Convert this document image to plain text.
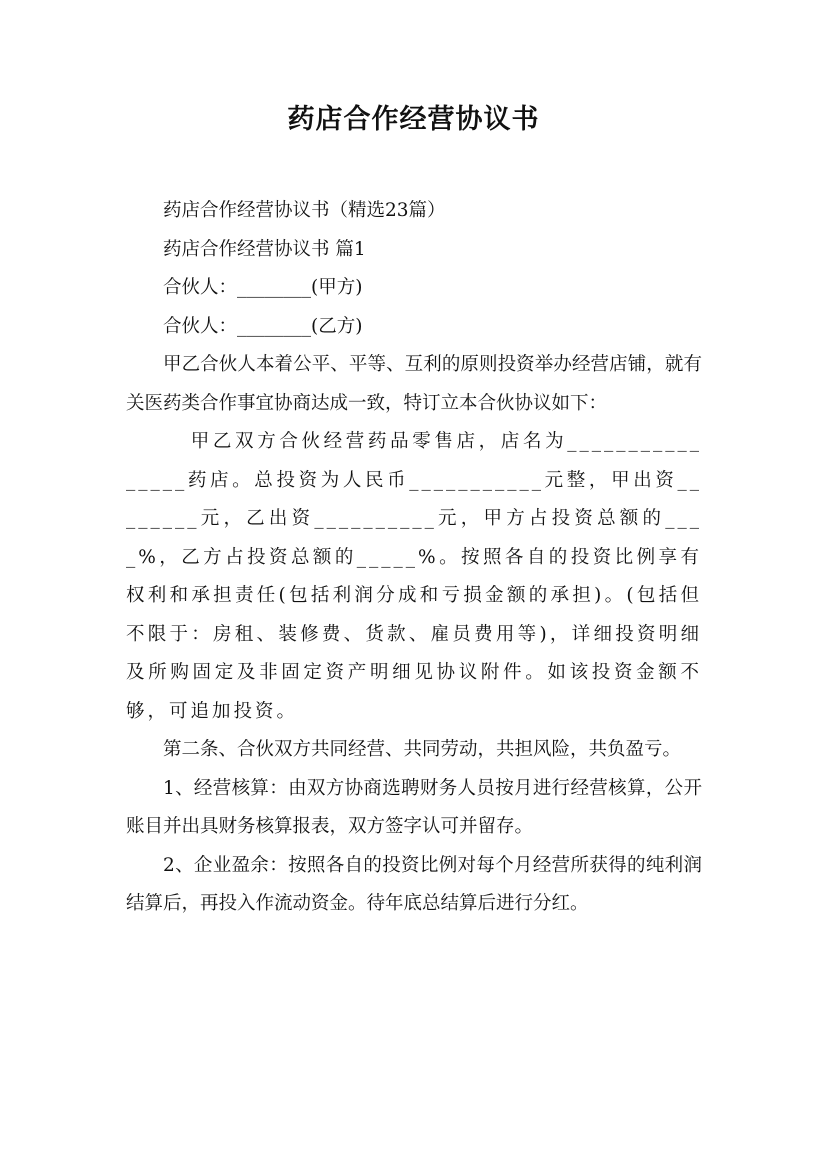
药店合作经营协议书

药店合作经营协议书（精选23篇）

药店合作经营协议书 篇1

合伙人：________(甲方)

合伙人：________(乙方)

甲乙合伙人本着公平、平等、互利的原则投资举办经营店铺，就有关医药类合作事宜协商达成一致，特订立本合伙协议如下：

甲乙双方合伙经营药品零售店，店名为________________药店。总投资为人民币___________元整，甲出资________元，乙出资__________元，甲方占投资总额的____%，乙方占投资总额的_____%。按照各自的投资比例享有权利和承担责任(包括利润分成和亏损金额的承担)。(包括但不限于：房租、装修费、货款、雇员费用等)，详细投资明细及所购固定及非固定资产明细见协议附件。如该投资金额不够，可追加投资。

第二条、合伙双方共同经营、共同劳动，共担风险，共负盈亏。

1、经营核算：由双方协商选聘财务人员按月进行经营核算，公开账目并出具财务核算报表，双方签字认可并留存。

2、企业盈余：按照各自的投资比例对每个月经营所获得的纯利润结算后，再投入作流动资金。待年底总结算后进行分红。
